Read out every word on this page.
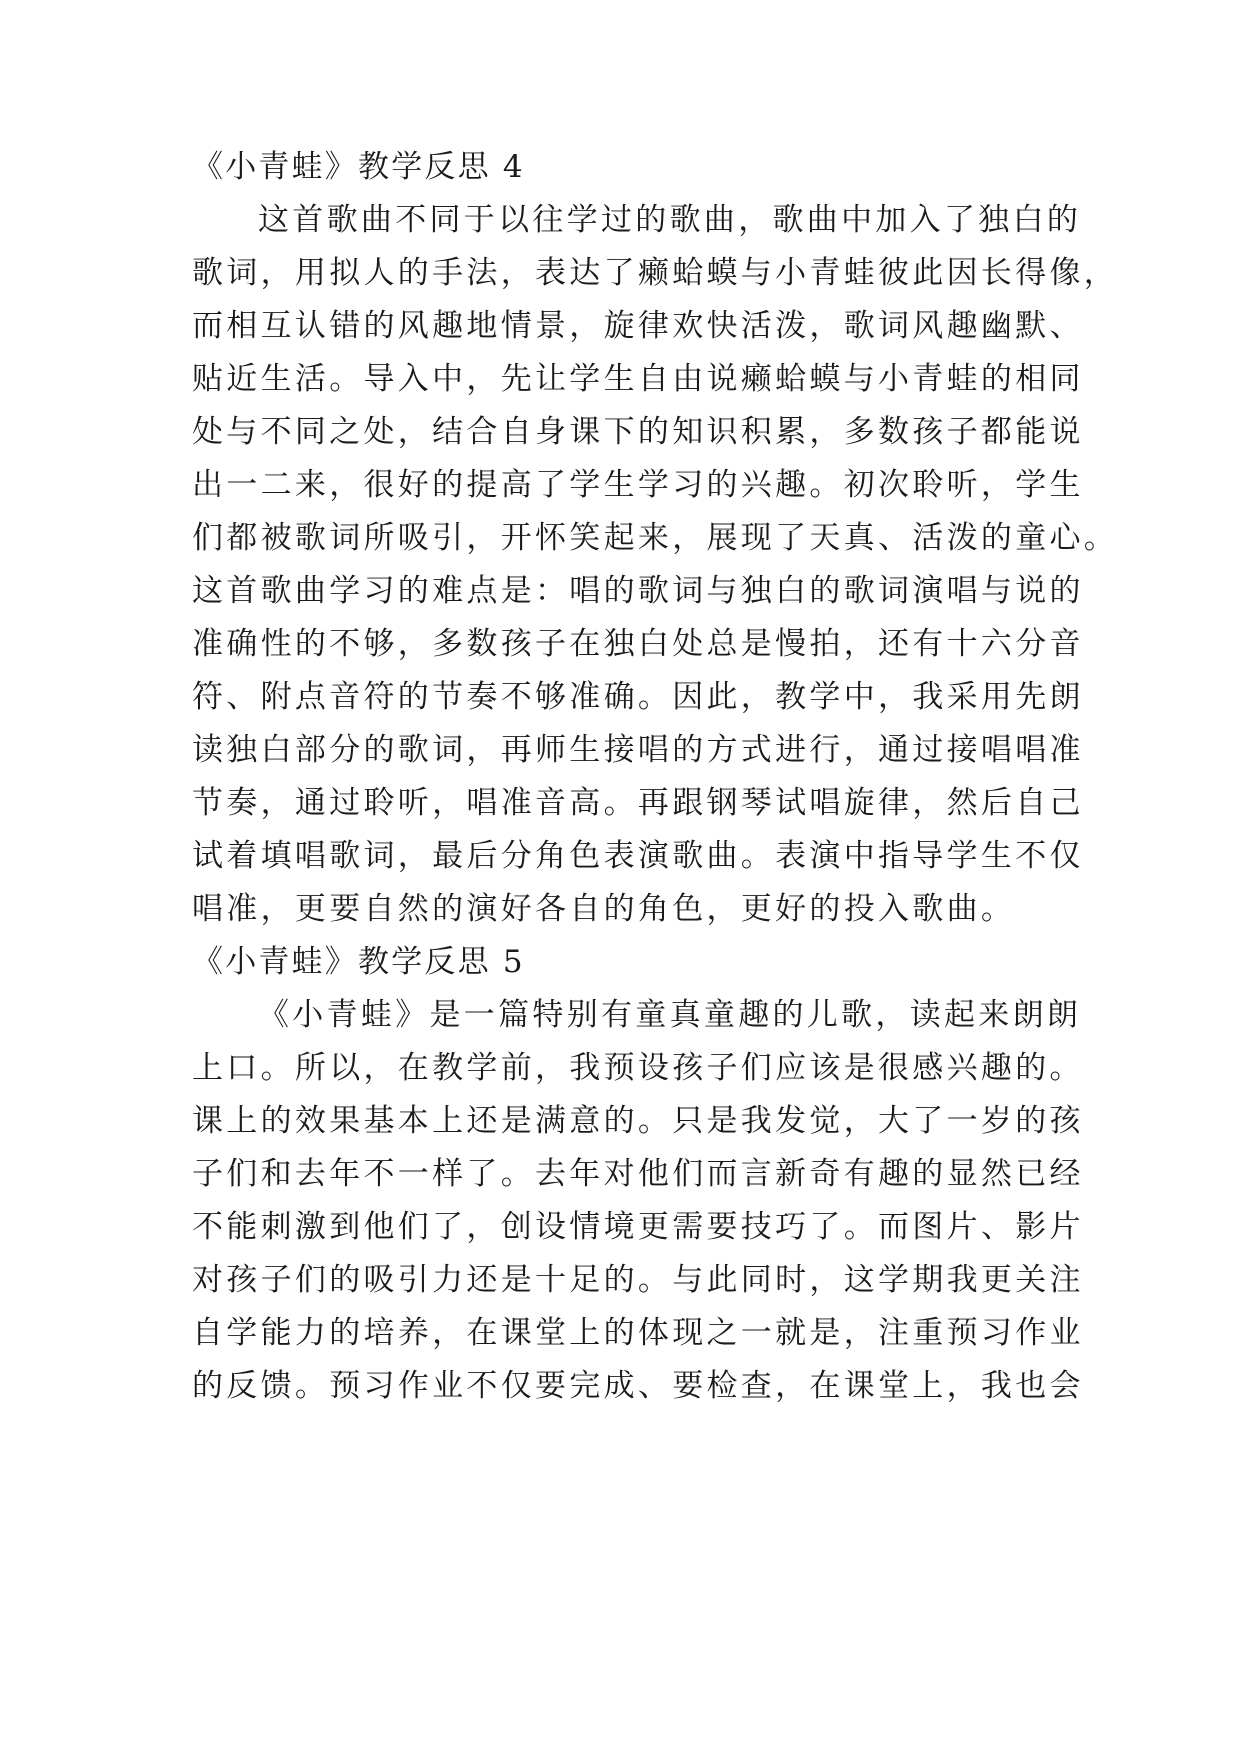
《小青蛙》教学反思 4
这首歌曲不同于以往学过的歌曲，歌曲中加入了独白的
歌词，用拟人的手法，表达了癞蛤蟆与小青蛙彼此因长得像，
而相互认错的风趣地情景，旋律欢快活泼，歌词风趣幽默、
贴近生活。导入中，先让学生自由说癞蛤蟆与小青蛙的相同
处与不同之处，结合自身课下的知识积累，多数孩子都能说
出一二来，很好的提高了学生学习的兴趣。初次聆听，学生
们都被歌词所吸引，开怀笑起来，展现了天真、活泼的童心。
这首歌曲学习的难点是：唱的歌词与独白的歌词演唱与说的
准确性的不够，多数孩子在独白处总是慢拍，还有十六分音
符、附点音符的节奏不够准确。因此，教学中，我采用先朗
读独白部分的歌词，再师生接唱的方式进行，通过接唱唱准
节奏，通过聆听，唱准音高。再跟钢琴试唱旋律，然后自己
试着填唱歌词，最后分角色表演歌曲。表演中指导学生不仅
唱准，更要自然的演好各自的角色，更好的投入歌曲。
《小青蛙》教学反思 5
《小青蛙》是一篇特别有童真童趣的儿歌，读起来朗朗
上口。所以，在教学前，我预设孩子们应该是很感兴趣的。
课上的效果基本上还是满意的。只是我发觉，大了一岁的孩
子们和去年不一样了。去年对他们而言新奇有趣的显然已经
不能刺激到他们了，创设情境更需要技巧了。而图片、影片
对孩子们的吸引力还是十足的。与此同时，这学期我更关注
自学能力的培养，在课堂上的体现之一就是，注重预习作业
的反馈。预习作业不仅要完成、要检查，在课堂上，我也会
